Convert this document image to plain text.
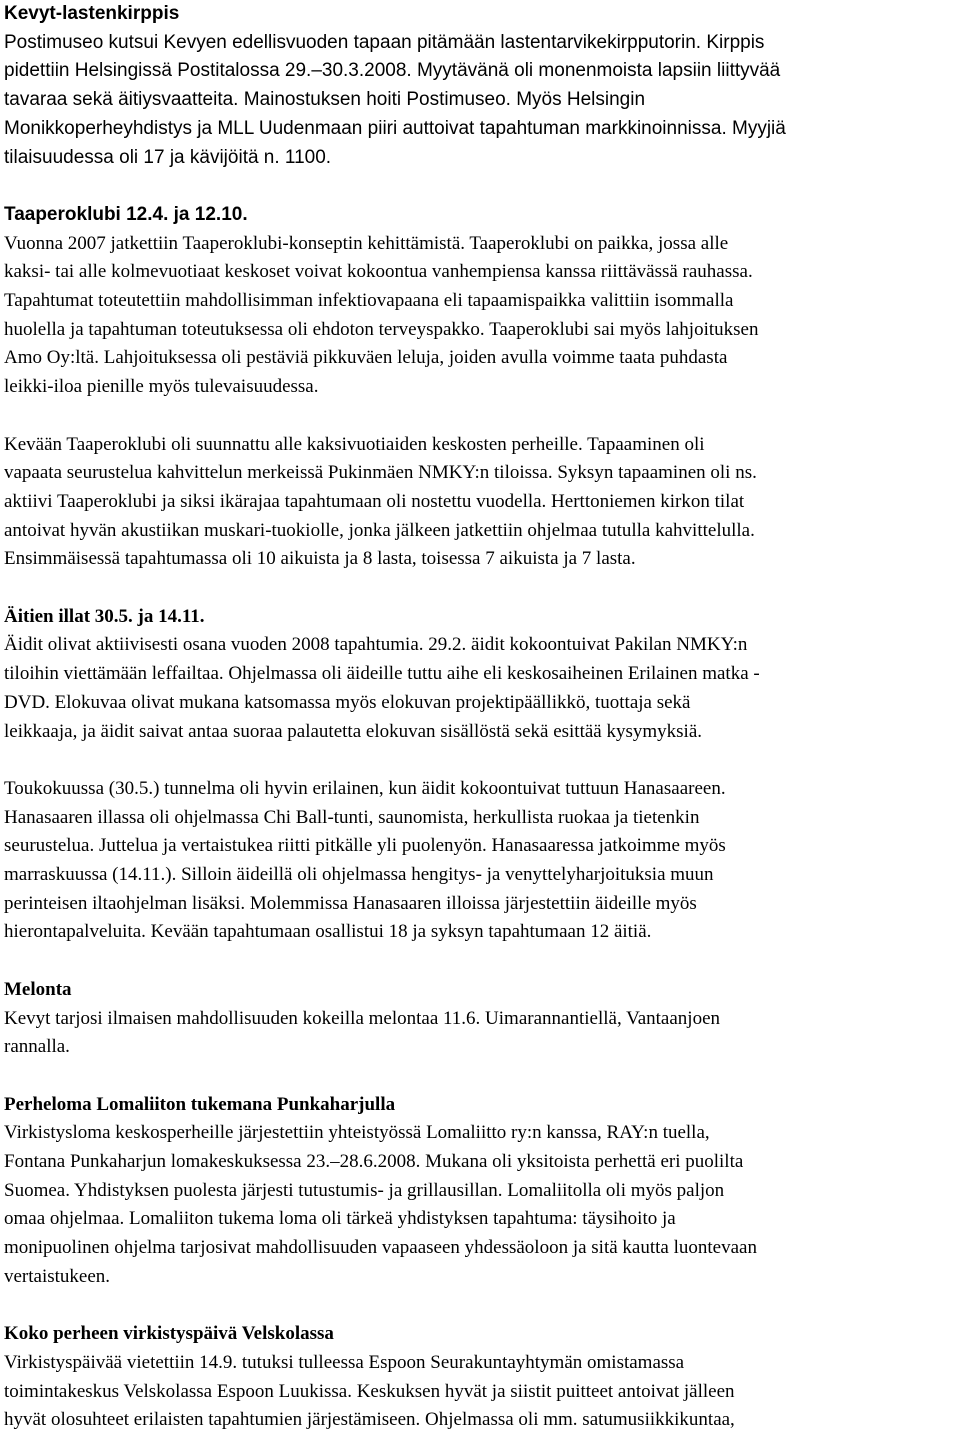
Kevyt-lastenkirppis
Postimuseo kutsui Kevyen edellisvuoden tapaan pitämään lastentarvikekirpputorin. Kirppis
pidettiin Helsingissä Postitalossa 29.–30.3.2008. Myytävänä oli monenmoista lapsiin liittyvää
tavaraa sekä äitiysvaatteita. Mainostuksen hoiti Postimuseo. Myös Helsingin
Monikkoperheyhdistys ja MLL Uudenmaan piiri auttoivat tapahtuman markkinoinnissa. Myyjiä
tilaisuudessa oli 17 ja kävijöitä n. 1100.
Taaperoklubi 12.4. ja 12.10.
Vuonna 2007 jatkettiin Taaperoklubi-konseptin kehittämistä. Taaperoklubi on paikka, jossa alle
kaksi- tai alle kolmevuotiaat keskoset voivat kokoontua vanhempiensa kanssa riittävässä rauhassa.
Tapahtumat toteutettiin mahdollisimman infektiovapaana eli tapaamispaikka valittiin isommalla
huolella ja tapahtuman toteutuksessa oli ehdoton terveyspakko. Taaperoklubi sai myös lahjoituksen
Amo Oy:ltä. Lahjoituksessa oli pestäviä pikkuväen leluja, joiden avulla voimme taata puhdasta
leikki-iloa pienille myös tulevaisuudessa.
Kevään Taaperoklubi oli suunnattu alle kaksivuotiaiden keskosten perheille. Tapaaminen oli
vapaata seurustelua kahvittelun merkeissä Pukinmäen NMKY:n tiloissa. Syksyn tapaaminen oli ns.
aktiivi Taaperoklubi ja siksi ikärajaa tapahtumaan oli nostettu vuodella. Herttoniemen kirkon tilat
antoivat hyvän akustiikan muskari-tuokiolle, jonka jälkeen jatkettiin ohjelmaa tutulla kahvittelulla.
Ensimmäisessä tapahtumassa oli 10 aikuista ja 8 lasta, toisessa 7 aikuista ja 7 lasta.
Äitien illat 30.5. ja 14.11.
Äidit olivat aktiivisesti osana vuoden 2008 tapahtumia. 29.2. äidit kokoontuivat Pakilan NMKY:n
tiloihin viettämään leffailtaa. Ohjelmassa oli äideille tuttu aihe eli keskosaiheinen Erilainen matka -
DVD. Elokuvaa olivat mukana katsomassa myös elokuvan projektipäällikkö, tuottaja sekä
leikkaaja, ja äidit saivat antaa suoraa palautetta elokuvan sisällöstä sekä esittää kysymyksiä.
Toukokuussa (30.5.) tunnelma oli hyvin erilainen, kun äidit kokoontuivat tuttuun Hanasaareen.
Hanasaaren illassa oli ohjelmassa Chi Ball-tunti, saunomista, herkullista ruokaa ja tietenkin
seurustelua. Juttelua ja vertaistukea riitti pitkälle yli puolenyön. Hanasaaressa jatkoimme myös
marraskuussa (14.11.). Silloin äideillä oli ohjelmassa hengitys- ja venyttelyharjoituksia muun
perinteisen iltaohjelman lisäksi. Molemmissa Hanasaaren illoissa järjestettiin äideille myös
hierontapalveluita. Kevään tapahtumaan osallistui 18 ja syksyn tapahtumaan 12 äitiä.
Melonta
Kevyt tarjosi ilmaisen mahdollisuuden kokeilla melontaa 11.6. Uimarannantiellä, Vantaanjoen
rannalla.
Perheloma Lomaliiton tukemana Punkaharjulla
Virkistysloma keskosperheille järjestettiin yhteistyössä Lomaliitto ry:n kanssa, RAY:n tuella,
Fontana Punkaharjun lomakeskuksessa 23.–28.6.2008. Mukana oli yksitoista perhettä eri puolilta
Suomea. Yhdistyksen puolesta järjesti tutustumis- ja grillausillan. Lomaliitolla oli myös paljon
omaa ohjelmaa. Lomaliiton tukema loma oli tärkeä yhdistyksen tapahtuma: täysihoito ja
monipuolinen ohjelma tarjosivat mahdollisuuden vapaaseen yhdessäoloon ja sitä kautta luontevaan
vertaistukeen.
Koko perheen virkistyspäivä Velskolassa
Virkistyspäivää vietettiin 14.9. tutuksi tulleessa Espoon Seurakuntayhtymän omistamassa
toimintakeskus Velskolassa Espoon Luukissa. Keskuksen hyvät ja siistit puitteet antoivat jälleen
hyvät olosuhteet erilaisten tapahtumien järjestämiseen. Ohjelmassa oli mm. satumusiikkikuntaa,
